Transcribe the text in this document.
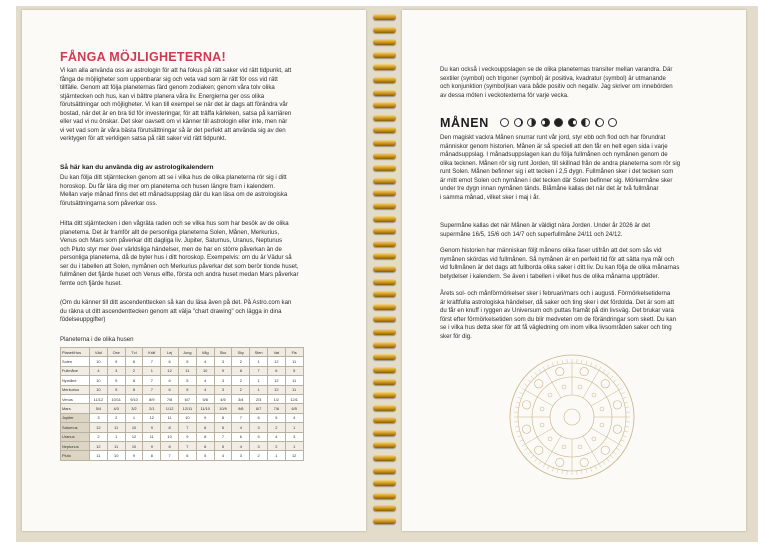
FÅNGA MÖJLIGHETERNA!

Vi kan alla använda oss av astrologin för att ha fokus på rätt saker vid rätt tidpunkt, att

fånga de möjligheter som uppenbarar sig och veta vad som är rätt för oss vid rätt

tillfälle. Genom att följa planeternas färd genom zodiaken; genom våra tolv olika

stjärntecken och hus, kan vi bättre planera våra liv. Energierna ger oss olika

förutsättningar och möjligheter. Vi kan till exempel se när det är dags att förändra vår

bostad, när det är en bra tid för investeringar, för att träffa kärleken, satsa på karriären

eller vad vi nu önskar. Det sker oavsett om vi känner till astrologin eller inte, men när

vi vet vad som är våra bästa förutsättningar så är det perfekt att använda sig av den

verktygen för att verkligen satsa på rätt saker vid rätt tidpunkt.

Så här kan du använda dig av astrologikalendern

Du kan följa ditt stjärntecken genom att se i vilka hus de olika planeterna rör sig i ditt

horoskop. Du får lära dig mer om planeterna och husen längre fram i kalendern.

Mellan varje månad finns det ett månadsuppslag där du kan läsa om de astrologiska

förutsättningarna som påverkar oss.

Hitta ditt stjärntecken i den vågräta raden och se vilka hus som har besök av de olika

planeterna. Det är framför allt de personliga planeterna Solen, Månen, Merkurius,

Venus och Mars som påverkar ditt dagliga liv. Jupiter, Saturnus, Uranus, Neptunus

och Pluto styr mer över världsliga händelser, men de har en större påverkan än de

personliga planeterna, då de byter hus i ditt horoskop. Exempelvis: om du är Vädur så

ser du i tabellen att Solen, nymånen och Merkurius påverkar det som berör tionde huset,

fullmånen det fjärde huset och Venus elfte, första och andra huset medan Mars påverkar

femte och fjärde huset.

(Om du känner till ditt ascendenttecken så kan du läsa även på det. På Astro.com kan

du räkna ut ditt ascendenttecken genom att välja "chart drawing" och lägga in dina

födelseuppgifter)

Planeterna i de olika husen

Planet/Hus	Väd	Oxe	Tvi	Kräf	Lej	Jung	Våg	Sko	Sky	Sten	Vat	Fis
Solen	10	9	8	7	6	5	4	3	2	1	12	11
Fullmåne	4	3	2	1	12	11	10	9	8	7	6	5
Nymåne	10	9	8	7	6	5	4	3	2	1	12	11
Merkurius	10	9	8	7	6	5	4	3	2	1	12	11
Venus	11/12	10/11	9/10	8/9	7/8	6/7	5/6	4/5	3/4	2/3	1/2	12/1
Mars	5/4	4/3	3/2	2/1	1/12	12/11	11/10	10/9	9/8	8/7	7/6	6/5
Jupiter	3	2	1	12	11	10	9	8	7	6	5	4
Saturnus	12	11	10	9	8	7	6	5	4	3	2	1
Uranus	2	1	12	11	10	9	8	7	6	5	4	3
Neptunus	12	11	10	9	8	7	6	5	4	3	2	1
Pluto	11	10	9	8	7	6	5	4	3	2	1	12

Du kan också i veckouppslagen se de olika planeternas transiter mellan varandra. Där

sextiler (symbol) och trigoner (symbol) är positiva, kvadratur (symbol) är utmanande

och konjunktion (symbol)kan vara både positiv och negativ. Jag skriver om innebörden

av dessa möten i veckotexterna för varje vecka.

MÅNEN

Den magiskt vackra Månen snurrar runt vår jord, styr ebb och flod och har förundrat

människor genom historien. Månen är så speciell att den får en helt egen sida i varje

månadsuppslag. I månadsuppslagen kan du följa fullmånen och nymånen genom de

olika tecknen. Månen rör sig runt Jorden, till skillnad från de andra planeterna som rör sig

runt Solen. Månen befinner sig i ett tecken i 2,5 dygn. Fullmånen sker i det tecken som

är mitt emot Solen och nymånen i det tecken där Solen befinner sig. Mörkermåne sker

under tre dygn innan nymånen tänds. Blåmåne kallas det när det är två fullmånar

i samma månad, vilket sker i maj i år.

Supermåne kallas det när Månen är väldigt nära Jorden. Under år 2026 är det

supermåne 16/5, 15/6 och 14/7 och superfullmåne 24/11 och 24/12.

Genom historien har människan följt månens olika faser utifrån att det som sås vid

nymånen skördas vid fullmånen. Så nymånen är en perfekt tid för att sätta nya mål och

vid fullmånen är det dags att fullborda olika saker i ditt liv. Du kan följa de olika månarnas

betydelser i kalendern. Se även i tabellen i vilket hus de olika månarna uppträder.

Årets sol- och månförmörkelser sker i februari/mars och i augusti. Förmörkelsetiderna

är kraftfulla astrologiska händelser, då saker och ting sker i det fördolda. Det är som att

du får en knuff i ryggen av Universum och puttas framåt på din livsväg. Det brukar vara

först efter förmörkelsetiden som du blir medveten om de förändringar som skett. Du kan

se i vilka hus detta sker för att få vägledning om inom vilka livsområden saker och ting

sker för dig.
